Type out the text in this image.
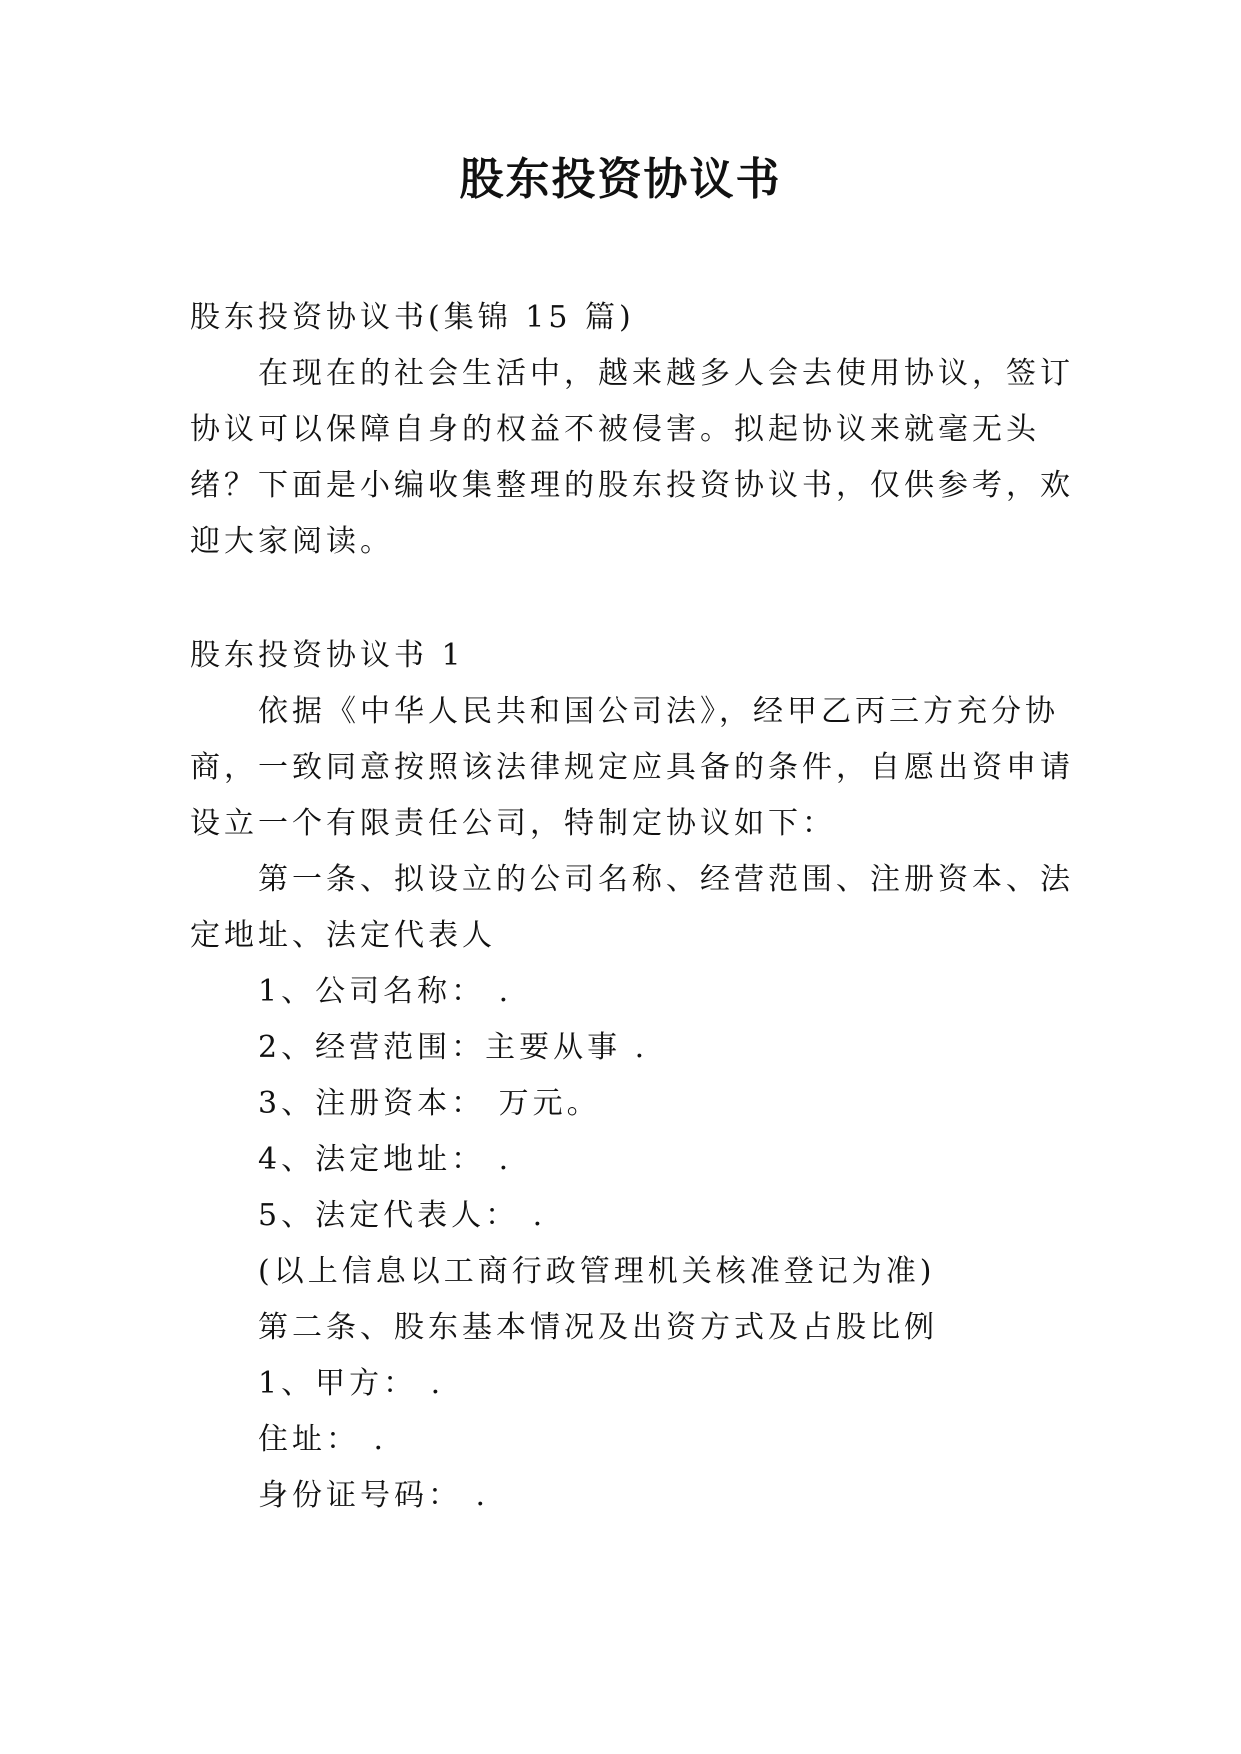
股东投资协议书
股东投资协议书(集锦 15 篇)
在现在的社会生活中，越来越多人会去使用协议，签订
协议可以保障自身的权益不被侵害。拟起协议来就毫无头
绪？下面是小编收集整理的股东投资协议书，仅供参考，欢
迎大家阅读。
股东投资协议书 1
依据《中华人民共和国公司法》，经甲乙丙三方充分协
商，一致同意按照该法律规定应具备的条件，自愿出资申请
设立一个有限责任公司，特制定协议如下：
第一条、拟设立的公司名称、经营范围、注册资本、法
定地址、法定代表人
1、公司名称： .
2、经营范围：主要从事 .
3、注册资本： 万元。
4、法定地址： .
5、法定代表人： .
(以上信息以工商行政管理机关核准登记为准)
第二条、股东基本情况及出资方式及占股比例
1、甲方： .
住址： .
身份证号码： .
